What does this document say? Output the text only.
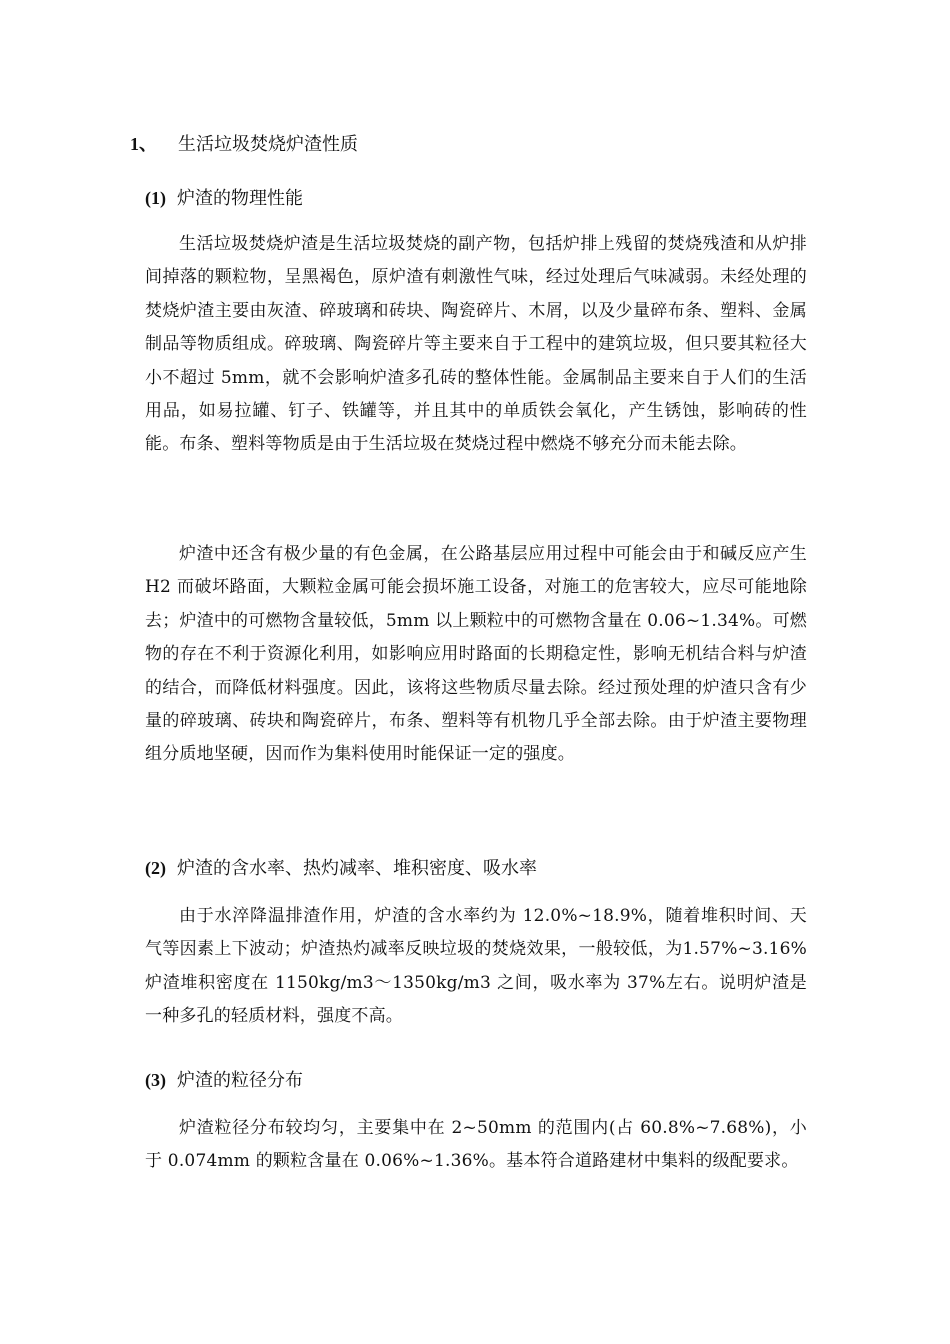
1、 生活垃圾焚烧炉渣性质
(1) 炉渣的物理性能

生活垃圾焚烧炉渣是生活垃圾焚烧的副产物，包括炉排上残留的焚烧残渣和从炉排间掉落的颗粒物，呈黑褐色，原炉渣有刺激性气味，经过处理后气味减弱。未经处理的焚烧炉渣主要由灰渣、碎玻璃和砖块、陶瓷碎片、木屑，以及少量碎布条、塑料、金属制品等物质组成。碎玻璃、陶瓷碎片等主要来自于工程中的建筑垃圾，但只要其粒径大小不超过 5mm，就不会影响炉渣多孔砖的整体性能。金属制品主要来自于人们的生活用品，如易拉罐、钉子、铁罐等，并且其中的单质铁会氧化，产生锈蚀，影响砖的性能。布条、塑料等物质是由于生活垃圾在焚烧过程中燃烧不够充分而未能去除。

炉渣中还含有极少量的有色金属，在公路基层应用过程中可能会由于和碱反应产生 H2 而破坏路面，大颗粒金属可能会损坏施工设备，对施工的危害较大，应尽可能地除去；炉渣中的可燃物含量较低，5mm 以上颗粒中的可燃物含量在 0.06~1.34%。可燃物的存在不利于资源化利用，如影响应用时路面的长期稳定性，影响无机结合料与炉渣的结合，而降低材料强度。因此，该将这些物质尽量去除。经过预处理的炉渣只含有少量的碎玻璃、砖块和陶瓷碎片，布条、塑料等有机物几乎全部去除。由于炉渣主要物理组分质地坚硬，因而作为集料使用时能保证一定的强度。

(2) 炉渣的含水率、热灼减率、堆积密度、吸水率

由于水淬降温排渣作用，炉渣的含水率约为 12.0%~18.9%，随着堆积时间、天气等因素上下波动；炉渣热灼减率反映垃圾的焚烧效果，一般较低，为1.57%~3.16%炉渣堆积密度在 1150kg/m3～1350kg/m3 之间，吸水率为 37%左右。说明炉渣是一种多孔的轻质材料，强度不高。

(3) 炉渣的粒径分布

炉渣粒径分布较均匀，主要集中在 2~50mm 的范围内(占 60.8%~7.68%)，小于 0.074mm 的颗粒含量在 0.06%~1.36%。基本符合道路建材中集料的级配要求。
